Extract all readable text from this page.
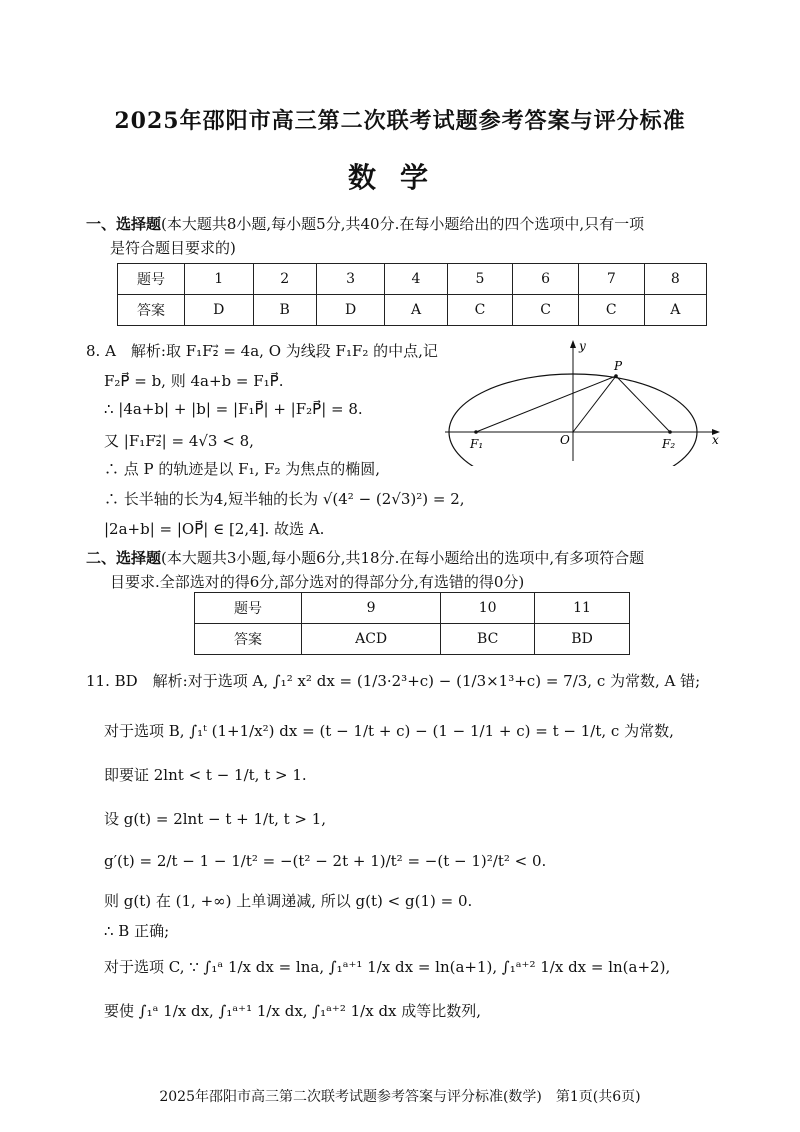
2025年邵阳市高三第二次联考试题参考答案与评分标准
数学
一、选择题(本大题共8小题,每小题5分,共40分.在每小题给出的四个选项中,只有一项
是符合题目要求的)
题号	1	2	3	4	5	6	7	8
答案	D	B	D	A	C	C	C	A
8. A　解析:取 F₁F₂⃗ = 4a, O 为线段 F₁F₂ 的中点,记
F₂P⃗ = b, 则 4a+b = F₁P⃗.
∴ |4a+b| + |b| = |F₁P⃗| + |F₂P⃗| = 8.
又 |F₁F₂⃗| = 4√3 < 8,
∴ 点 P 的轨迹是以 F₁, F₂ 为焦点的椭圆,
∴ 长半轴的长为4,短半轴的长为 √(4² − (2√3)²) = 2,
|2a+b| = |OP⃗| ∈ [2,4]. 故选 A.
y
x
P
O
F₁	F₂
二、选择题(本大题共3小题,每小题6分,共18分.在每小题给出的选项中,有多项符合题
目要求.全部选对的得6分,部分选对的得部分分,有选错的得0分)
题号	9	10	11
答案	ACD	BC	BD
11. BD　解析:对于选项 A, ∫₁² x² dx = (1/3·2³+c) − (1/3×1³+c) = 7/3, c 为常数, A 错;
对于选项 B, ∫₁ᵗ (1+1/x²) dx = (t − 1/t + c) − (1 − 1/1 + c) = t − 1/t, c 为常数,
即要证 2lnt < t − 1/t, t > 1.
设 g(t) = 2lnt − t + 1/t, t > 1,
g′(t) = 2/t − 1 − 1/t² = −(t² − 2t + 1)/t² = −(t − 1)²/t² < 0.
则 g(t) 在 (1, +∞) 上单调递减, 所以 g(t) < g(1) = 0.
∴ B 正确;
对于选项 C, ∵ ∫₁ᵃ 1/x dx = lna, ∫₁ᵃ⁺¹ 1/x dx = ln(a+1), ∫₁ᵃ⁺² 1/x dx = ln(a+2),
要使 ∫₁ᵃ 1/x dx, ∫₁ᵃ⁺¹ 1/x dx, ∫₁ᵃ⁺² 1/x dx 成等比数列,
2025年邵阳市高三第二次联考试题参考答案与评分标准(数学)　第1页(共6页)
